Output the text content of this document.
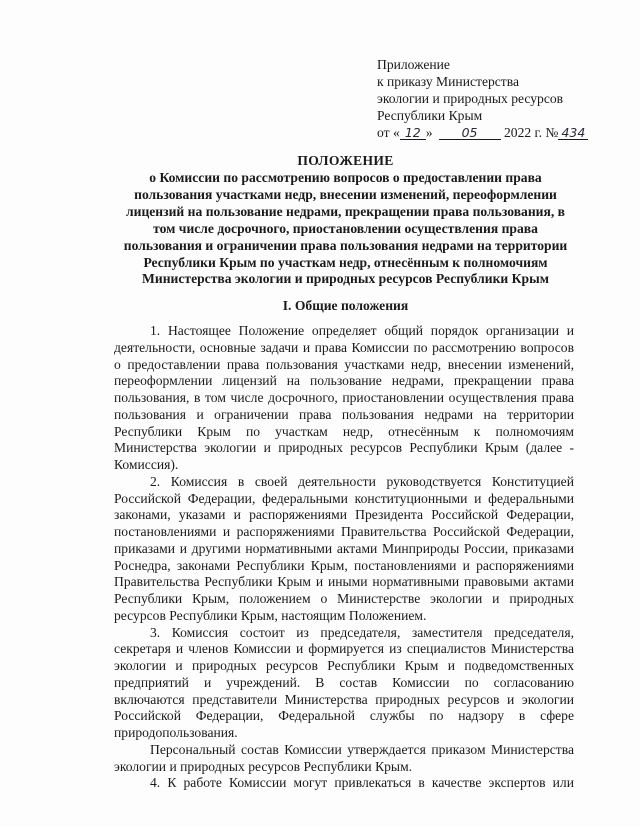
Приложение
к приказу Министерства
экологии и природных ресурсов
Республики Крым
от « 12 » 05 2022 г. № 434
ПОЛОЖЕНИЕ
о Комиссии по рассмотрению вопросов о предоставлении права
пользования участками недр, внесении изменений, переоформлении
лицензий на пользование недрами, прекращении права пользования, в
том числе досрочного, приостановлении осуществления права
пользования и ограничении права пользования недрами на территории
Республики Крым по участкам недр, отнесённым к полномочиям
Министерства экологии и природных ресурсов Республики Крым
I. Общие положения
1. Настоящее Положение определяет общий порядок организации и
деятельности, основные задачи и права Комиссии по рассмотрению вопросов
о предоставлении права пользования участками недр, внесении изменений,
переоформлении лицензий на пользование недрами, прекращении права
пользования, в том числе досрочного, приостановлении осуществления права
пользования и ограничении права пользования недрами на территории
Республики Крым по участкам недр, отнесённым к полномочиям
Министерства экологии и природных ресурсов Республики Крым (далее -
Комиссия).
2. Комиссия в своей деятельности руководствуется Конституцией
Российской Федерации, федеральными конституционными и федеральными
законами, указами и распоряжениями Президента Российской Федерации,
постановлениями и распоряжениями Правительства Российской Федерации,
приказами и другими нормативными актами Минприроды России, приказами
Роснедра, законами Республики Крым, постановлениями и распоряжениями
Правительства Республики Крым и иными нормативными правовыми актами
Республики Крым, положением о Министерстве экологии и природных
ресурсов Республики Крым, настоящим Положением.
3. Комиссия состоит из председателя, заместителя председателя,
секретаря и членов Комиссии и формируется из специалистов Министерства
экологии и природных ресурсов Республики Крым и подведомственных
предприятий и учреждений. В состав Комиссии по согласованию
включаются представители Министерства природных ресурсов и экологии
Российской Федерации, Федеральной службы по надзору в сфере
природопользования.
Персональный состав Комиссии утверждается приказом Министерства
экологии и природных ресурсов Республики Крым.
4. К работе Комиссии могут привлекаться в качестве экспертов или
